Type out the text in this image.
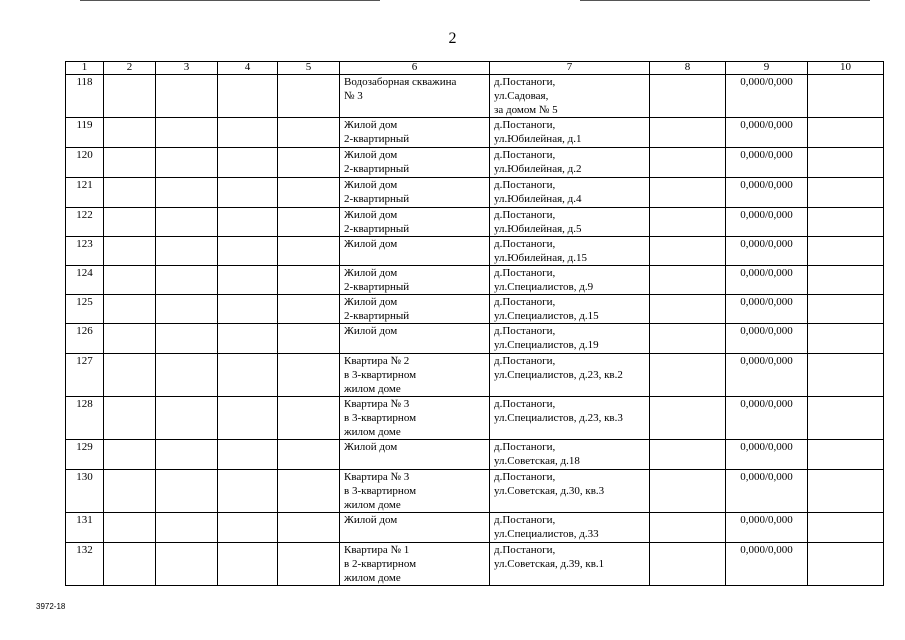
2
1	2	3	4	5	6	7	8	9	10
118					Водозаборная скважина
№ 3	д.Постаноги,
ул.Садовая,
за домом № 5		0,000/0,000	
119					Жилой дом
2-квартирный	д.Постаноги,
ул.Юбилейная, д.1		0,000/0,000	
120					Жилой дом
2-квартирный	д.Постаноги,
ул.Юбилейная, д.2		0,000/0,000	
121					Жилой дом
2-квартирный	д.Постаноги,
ул.Юбилейная, д.4		0,000/0,000	
122					Жилой дом
2-квартирный	д.Постаноги,
ул.Юбилейная, д.5		0,000/0,000	
123					Жилой дом	д.Постаноги,
ул.Юбилейная, д.15		0,000/0,000	
124					Жилой дом
2-квартирный	д.Постаноги,
ул.Специалистов, д.9		0,000/0,000	
125					Жилой дом
2-квартирный	д.Постаноги,
ул.Специалистов, д.15		0,000/0,000	
126					Жилой дом	д.Постаноги,
ул.Специалистов, д.19		0,000/0,000	
127					Квартира № 2
в 3-квартирном
жилом доме	д.Постаноги,
ул.Специалистов, д.23, кв.2		0,000/0,000	
128					Квартира № 3
в 3-квартирном
жилом доме	д.Постаноги,
ул.Специалистов, д.23, кв.3		0,000/0,000	
129					Жилой дом	д.Постаноги,
ул.Советская, д.18		0,000/0,000	
130					Квартира № 3
в 3-квартирном
жилом доме	д.Постаноги,
ул.Советская, д.30, кв.3		0,000/0,000	
131					Жилой дом	д.Постаноги,
ул.Специалистов, д.33		0,000/0,000	
132					Квартира № 1
в 2-квартирном
жилом доме	д.Постаноги,
ул.Советская, д.39, кв.1		0,000/0,000	
3972-18
